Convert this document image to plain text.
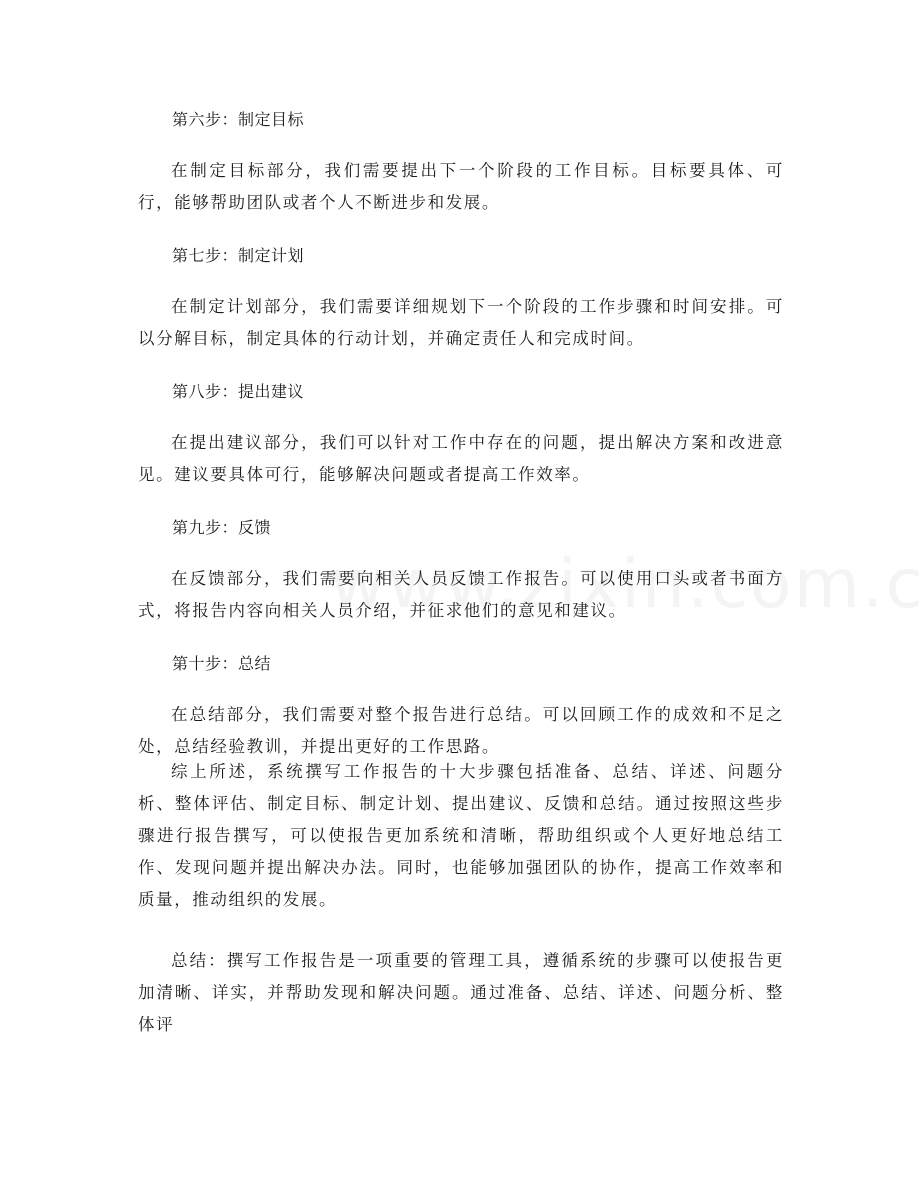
第六步：制定目标
在制定目标部分，我们需要提出下一个阶段的工作目标。目标要具体、可行，能够帮助团队或者个人不断进步和发展。
第七步：制定计划
在制定计划部分，我们需要详细规划下一个阶段的工作步骤和时间安排。可以分解目标，制定具体的行动计划，并确定责任人和完成时间。
第八步：提出建议
在提出建议部分，我们可以针对工作中存在的问题，提出解决方案和改进意见。建议要具体可行，能够解决问题或者提高工作效率。
第九步：反馈
在反馈部分，我们需要向相关人员反馈工作报告。可以使用口头或者书面方式，将报告内容向相关人员介绍，并征求他们的意见和建议。
第十步：总结
在总结部分，我们需要对整个报告进行总结。可以回顾工作的成效和不足之处，总结经验教训，并提出更好的工作思路。
综上所述，系统撰写工作报告的十大步骤包括准备、总结、详述、问题分析、整体评估、制定目标、制定计划、提出建议、反馈和总结。通过按照这些步骤进行报告撰写，可以使报告更加系统和清晰，帮助组织或个人更好地总结工作、发现问题并提出解决办法。同时，也能够加强团队的协作，提高工作效率和质量，推动组织的发展。
总结：撰写工作报告是一项重要的管理工具，遵循系统的步骤可以使报告更加清晰、详实，并帮助发现和解决问题。通过准备、总结、详述、问题分析、整体评
